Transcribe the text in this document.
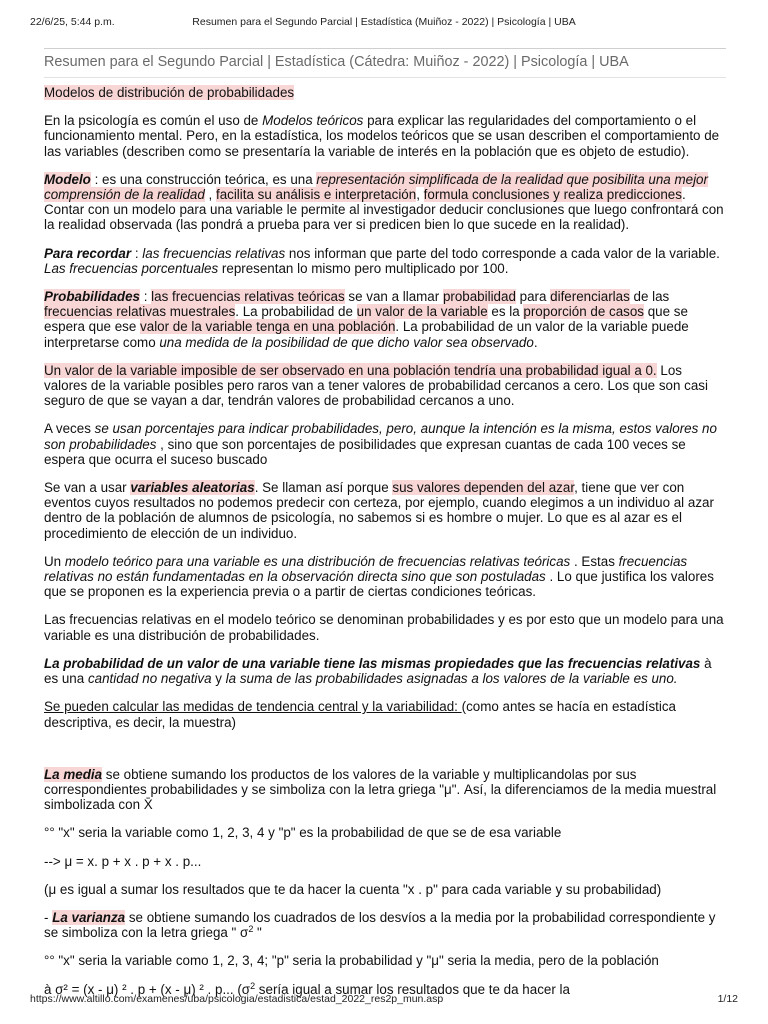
22/6/25, 5:44 p.m.	Resumen para el Segundo Parcial | Estadística (Muiñoz - 2022) | Psicología | UBA
Resumen para el Segundo Parcial | Estadística (Cátedra: Muiñoz - 2022) | Psicología | UBA

Modelos de distribución de probabilidades

En la psicología es común el uso de Modelos teóricos para explicar las regularidades del comportamiento o el funcionamiento mental. Pero, en la estadística, los modelos teóricos que se usan describen el comportamiento de las variables (describen como se presentaría la variable de interés en la población que es objeto de estudio).

Modelo : es una construcción teórica, es una representación simplificada de la realidad que posibilita una mejor comprensión de la realidad , facilita su análisis e interpretación, formula conclusiones y realiza predicciones. Contar con un modelo para una variable le permite al investigador deducir conclusiones que luego confrontará con la realidad observada (las pondrá a prueba para ver si predicen bien lo que sucede en la realidad).

Para recordar : las frecuencias relativas nos informan que parte del todo corresponde a cada valor de la variable. Las frecuencias porcentuales representan lo mismo pero multiplicado por 100.

Probabilidades : las frecuencias relativas teóricas se van a llamar probabilidad para diferenciarlas de las frecuencias relativas muestrales. La probabilidad de un valor de la variable es la proporción de casos que se espera que ese valor de la variable tenga en una población. La probabilidad de un valor de la variable puede interpretarse como una medida de la posibilidad de que dicho valor sea observado.

Un valor de la variable imposible de ser observado en una población tendría una probabilidad igual a 0. Los valores de la variable posibles pero raros van a tener valores de probabilidad cercanos a cero. Los que son casi seguro de que se vayan a dar, tendrán valores de probabilidad cercanos a uno.

A veces se usan porcentajes para indicar probabilidades, pero, aunque la intención es la misma, estos valores no son probabilidades , sino que son porcentajes de posibilidades que expresan cuantas de cada 100 veces se espera que ocurra el suceso buscado

Se van a usar variables aleatorias. Se llaman así porque sus valores dependen del azar, tiene que ver con eventos cuyos resultados no podemos predecir con certeza, por ejemplo, cuando elegimos a un individuo al azar dentro de la población de alumnos de psicología, no sabemos si es hombre o mujer. Lo que es al azar es el procedimiento de elección de un individuo.

Un modelo teórico para una variable es una distribución de frecuencias relativas teóricas . Estas frecuencias relativas no están fundamentadas en la observación directa sino que son postuladas . Lo que justifica los valores que se proponen es la experiencia previa o a partir de ciertas condiciones teóricas.

Las frecuencias relativas en el modelo teórico se denominan probabilidades y es por esto que un modelo para una variable es una distribución de probabilidades.

La probabilidad de un valor de una variable tiene las mismas propiedades que las frecuencias relativas à es una cantidad no negativa y la suma de las probabilidades asignadas a los valores de la variable es uno.

Se pueden calcular las medidas de tendencia central y la variabilidad: (como antes se hacía en estadística descriptiva, es decir, la muestra)

La media se obtiene sumando los productos de los valores de la variable y multiplicandolas por sus correspondientes probabilidades y se simboliza con la letra griega "μ". Así, la diferenciamos de la media muestral simbolizada con X̄

°° "x" seria la variable como 1, 2, 3, 4 y "p" es la probabilidad de que se de esa variable

--> μ = x. p + x . p + x . p...

(μ es igual a sumar los resultados que te da hacer la cuenta "x . p" para cada variable y su probabilidad)

- La varianza se obtiene sumando los cuadrados de los desvíos a la media por la probabilidad correspondiente y se simboliza con la letra griega " $\sigma^2$ "

°° "x" seria la variable como 1, 2, 3, 4; "p" seria la probabilidad y "μ" seria la media, pero de la población

à σ² = (x - μ) ² . p + (x - μ) ² . p... ($\sigma^2$ sería igual a sumar los resultados que te da hacer la

https://www.altillo.com/examenes/uba/psicologia/estadistica/estad_2022_res2p_mun.asp	1/12
